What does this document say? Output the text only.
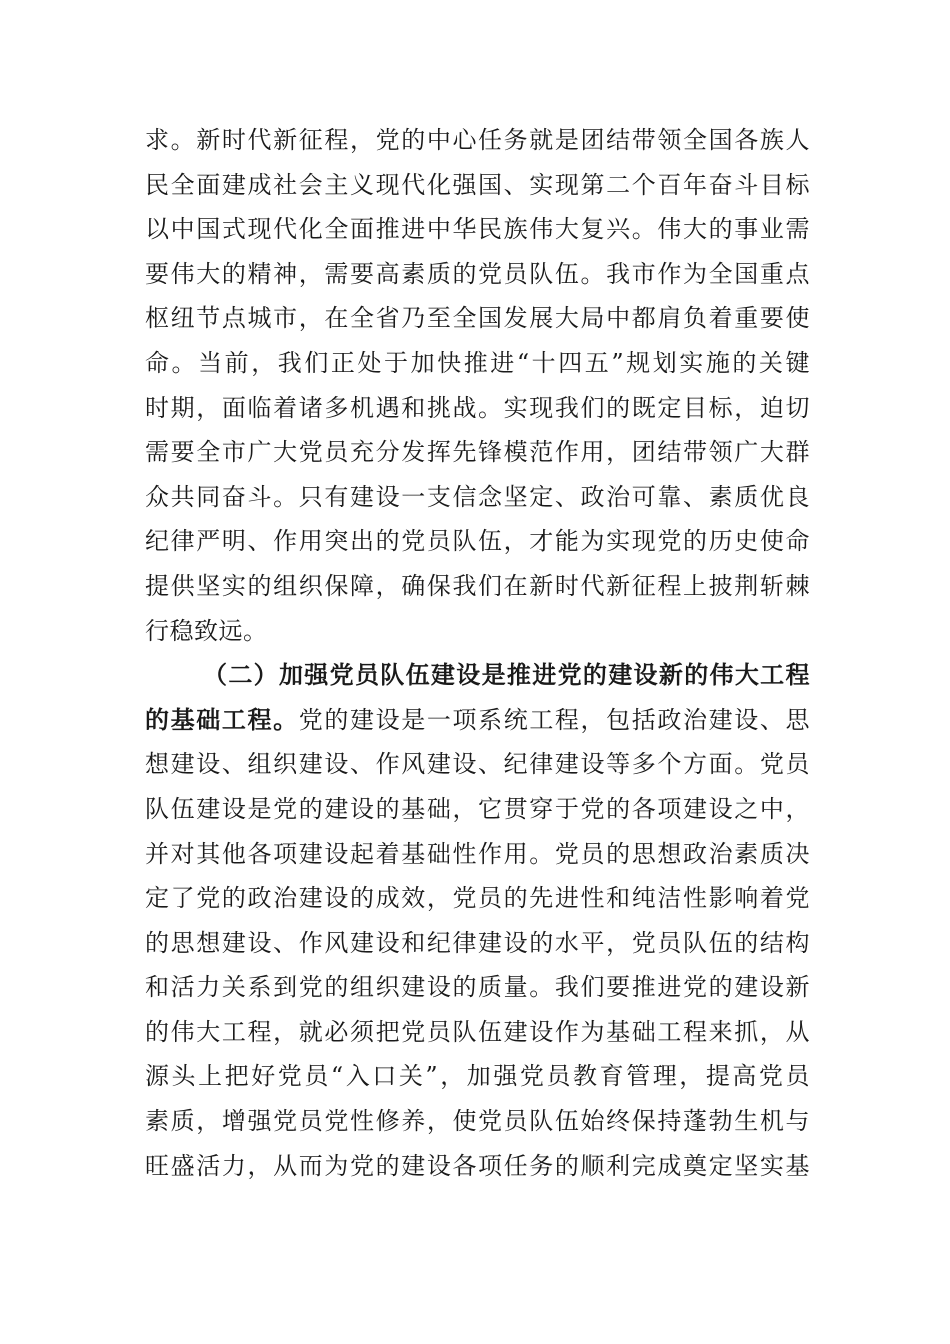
求。新时代新征程，党的中心任务就是团结带领全国各族人
民全面建成社会主义现代化强国、实现第二个百年奋斗目标
以中国式现代化全面推进中华民族伟大复兴。伟大的事业需
要伟大的精神，需要高素质的党员队伍。我市作为全国重点
枢纽节点城市，在全省乃至全国发展大局中都肩负着重要使
命。当前，我们正处于加快推进“十四五”规划实施的关键
时期，面临着诸多机遇和挑战。实现我们的既定目标，迫切
需要全市广大党员充分发挥先锋模范作用，团结带领广大群
众共同奋斗。只有建设一支信念坚定、政治可靠、素质优良
纪律严明、作用突出的党员队伍，才能为实现党的历史使命
提供坚实的组织保障，确保我们在新时代新征程上披荆斩棘
行稳致远。
（二）加强党员队伍建设是推进党的建设新的伟大工程
的基础工程。党的建设是一项系统工程，包括政治建设、思
想建设、组织建设、作风建设、纪律建设等多个方面。党员
队伍建设是党的建设的基础，它贯穿于党的各项建设之中，
并对其他各项建设起着基础性作用。党员的思想政治素质决
定了党的政治建设的成效，党员的先进性和纯洁性影响着党
的思想建设、作风建设和纪律建设的水平，党员队伍的结构
和活力关系到党的组织建设的质量。我们要推进党的建设新
的伟大工程，就必须把党员队伍建设作为基础工程来抓，从
源头上把好党员“入口关”，加强党员教育管理，提高党员
素质，增强党员党性修养，使党员队伍始终保持蓬勃生机与
旺盛活力，从而为党的建设各项任务的顺利完成奠定坚实基
